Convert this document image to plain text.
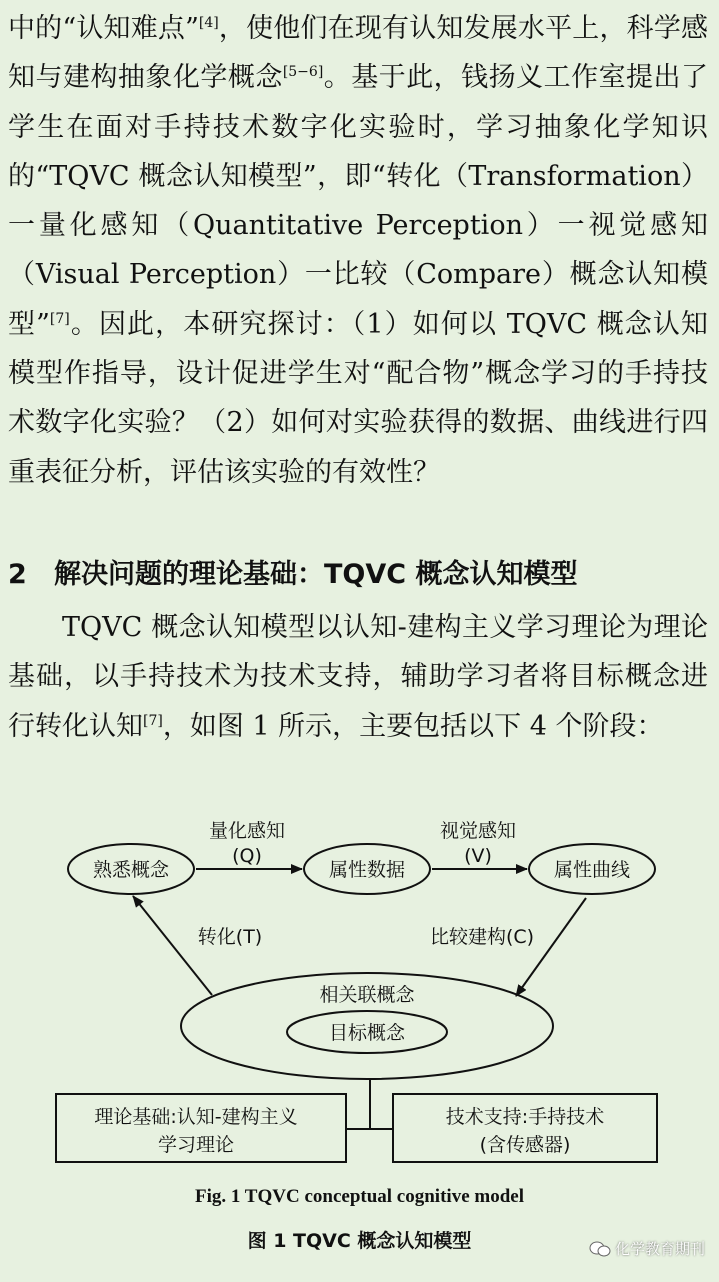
中的“认知难点”[4]，使他们在现有认知发展水平上，科学感知与建构抽象化学概念[5−6]。基于此，钱扬义工作室提出了学生在面对手持技术数字化实验时，学习抽象化学知识的“TQVC 概念认知模型”，即“转化（Transformation）一量化感知（Quantitative Perception）一视觉感知（Visual Perception）一比较（Compare）概念认知模型”[7]。因此，本研究探讨：（1）如何以 TQVC 概念认知模型作指导，设计促进学生对“配合物”概念学习的手持技术数字化实验？（2）如何对实验获得的数据、曲线进行四重表征分析，评估该实验的有效性？

2 解决问题的理论基础：TQVC 概念认知模型

TQVC 概念认知模型以认知-建构主义学习理论为理论基础，以手持技术为技术支持，辅助学习者将目标概念进行转化认知[7]，如图 1 所示，主要包括以下 4 个阶段：

熟悉概念	属性数据	属性曲线
量化感知
(Q)
视觉感知
(V)
转化(T)	比较建构(C)
相关联概念
目标概念
理论基础:认知-建构主义
学习理论
技术支持:手持技术
(含传感器)
Fig. 1 TQVC conceptual cognitive model
图 1 TQVC 概念认知模型	化学教育期刊
